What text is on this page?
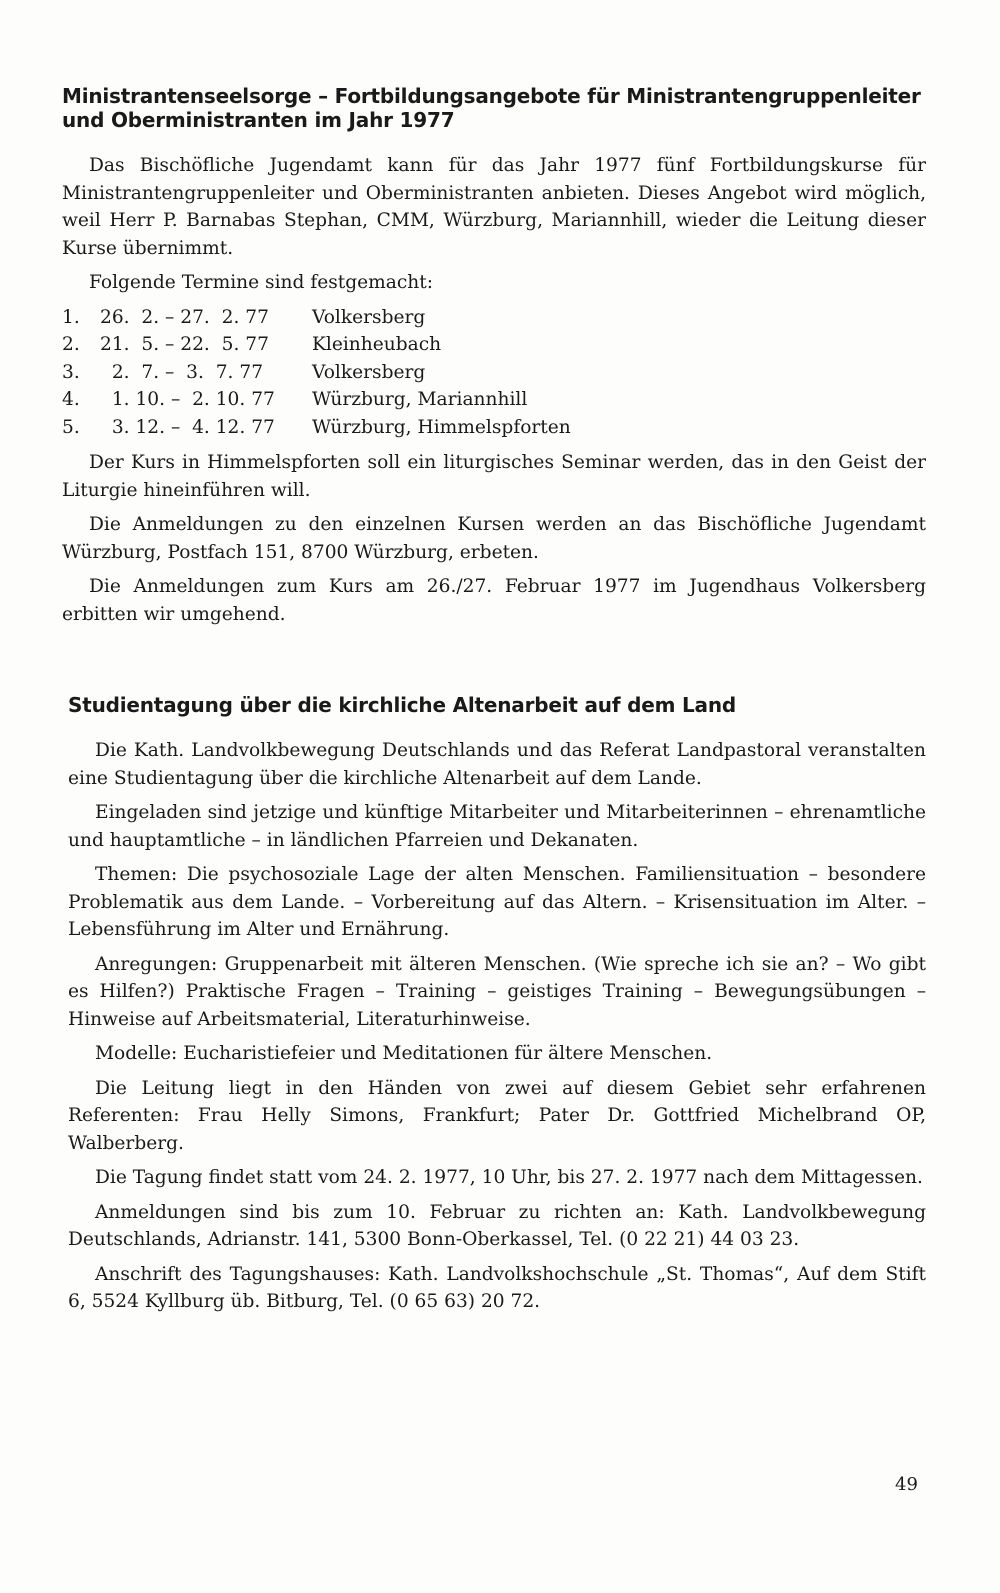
Ministrantenseelsorge – Fortbildungsangebote für Ministrantengruppenleiter und Oberministranten im Jahr 1977

Das Bischöfliche Jugendamt kann für das Jahr 1977 fünf Fortbildungskurse für Ministrantengruppenleiter und Oberministranten anbieten. Dieses Angebot wird möglich, weil Herr P. Barnabas Stephan, CMM, Würzburg, Mariannhill, wieder die Leitung dieser Kurse übernimmt.

Folgende Termine sind festgemacht:

1.	26.  2. – 27.  2. 77	Volkersberg
2.	21.  5. – 22.  5. 77	Kleinheubach
3.	2.  7. –  3.  7. 77	Volkersberg
4.	1. 10. –  2. 10. 77	Würzburg, Mariannhill
5.	3. 12. –  4. 12. 77	Würzburg, Himmelspforten

Der Kurs in Himmelspforten soll ein liturgisches Seminar werden, das in den Geist der Liturgie hineinführen will.

Die Anmeldungen zu den einzelnen Kursen werden an das Bischöfliche Jugendamt Würzburg, Postfach 151, 8700 Würzburg, erbeten.

Die Anmeldungen zum Kurs am 26./27. Februar 1977 im Jugendhaus Volkersberg erbitten wir umgehend.

Studientagung über die kirchliche Altenarbeit auf dem Land

Die Kath. Landvolkbewegung Deutschlands und das Referat Landpastoral veranstalten eine Studientagung über die kirchliche Altenarbeit auf dem Lande.

Eingeladen sind jetzige und künftige Mitarbeiter und Mitarbeiterinnen – ehrenamtliche und hauptamtliche – in ländlichen Pfarreien und Dekanaten.

Themen: Die psychosoziale Lage der alten Menschen. Familiensituation – besondere Problematik aus dem Lande. – Vorbereitung auf das Altern. – Krisensituation im Alter. – Lebensführung im Alter und Ernährung.

Anregungen: Gruppenarbeit mit älteren Menschen. (Wie spreche ich sie an? – Wo gibt es Hilfen?) Praktische Fragen – Training – geistiges Training – Bewegungsübungen – Hinweise auf Arbeitsmaterial, Literaturhinweise.

Modelle: Eucharistiefeier und Meditationen für ältere Menschen.

Die Leitung liegt in den Händen von zwei auf diesem Gebiet sehr erfahrenen Referenten: Frau Helly Simons, Frankfurt; Pater Dr. Gottfried Michelbrand OP, Walberberg.

Die Tagung findet statt vom 24. 2. 1977, 10 Uhr, bis 27. 2. 1977 nach dem Mittagessen.

Anmeldungen sind bis zum 10. Februar zu richten an: Kath. Landvolkbewegung Deutschlands, Adrianstr. 141, 5300 Bonn-Oberkassel, Tel. (0 22 21) 44 03 23.

Anschrift des Tagungshauses: Kath. Landvolkshochschule „St. Thomas“, Auf dem Stift 6, 5524 Kyllburg üb. Bitburg, Tel. (0 65 63) 20 72.

49
